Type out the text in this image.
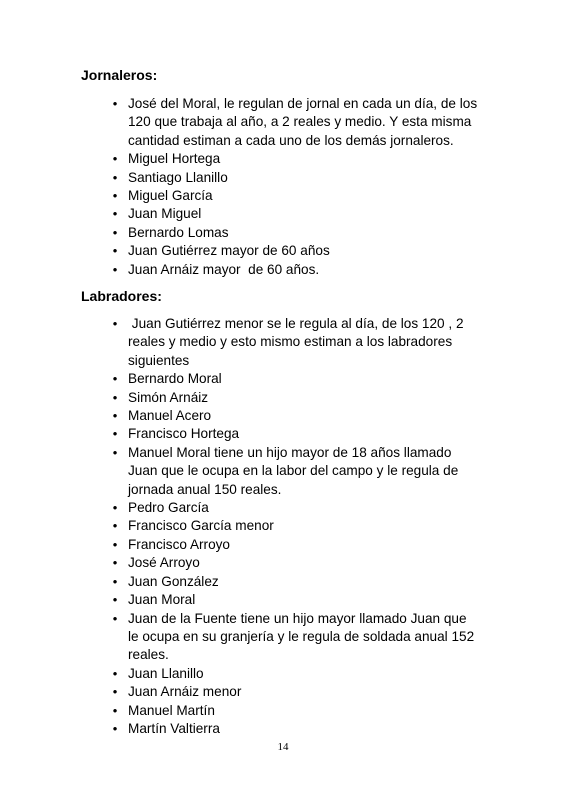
Jornaleros:
• José del Moral, le regulan de jornal en cada un día, de los 120 que trabaja al año, a 2 reales y medio. Y esta misma cantidad estiman a cada uno de los demás jornaleros.
• Miguel Hortega
• Santiago Llanillo
• Miguel García
• Juan Miguel
• Bernardo Lomas
• Juan Gutiérrez mayor de 60 años
• Juan Arnáiz mayor  de 60 años.
Labradores:
• Juan Gutiérrez menor se le regula al día, de los 120 , 2 reales y medio y esto mismo estiman a los labradores siguientes
• Bernardo Moral
• Simón Arnáiz
• Manuel Acero
• Francisco Hortega
• Manuel Moral tiene un hijo mayor de 18 años llamado Juan que le ocupa en la labor del campo y le regula de jornada anual 150 reales.
• Pedro García
• Francisco García menor
• Francisco Arroyo
• José Arroyo
• Juan González
• Juan Moral
• Juan de la Fuente tiene un hijo mayor llamado Juan que le ocupa en su granjería y le regula de soldada anual 152 reales.
• Juan Llanillo
• Juan Arnáiz menor
• Manuel Martín
• Martín Valtierra
14
